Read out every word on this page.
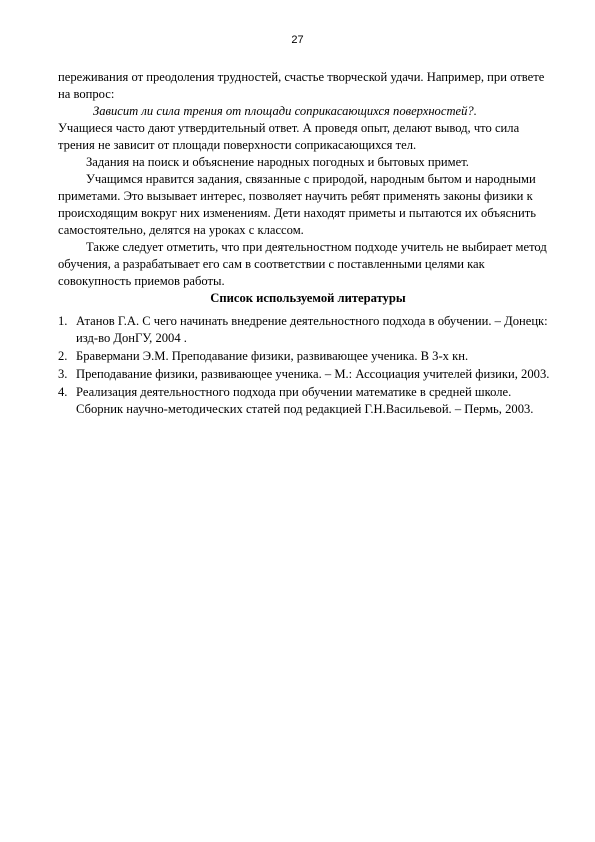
27

переживания от преодоления трудностей, счастье творческой удачи. Например, при ответе на вопрос:

Зависит ли сила трения от площади соприкасающихся поверхностей?.

Учащиеся часто дают утвердительный ответ. А проведя опыт, делают вывод, что сила трения не зависит от площади поверхности соприкасающихся тел.

Задания на поиск и объяснение народных погодных и бытовых примет.

Учащимся нравится задания, связанные с природой, народным бытом и народными приметами. Это вызывает интерес, позволяет научить ребят применять законы физики к происходящим вокруг них изменениям. Дети находят приметы и пытаются их объяснить самостоятельно, делятся на уроках с классом.

Также следует отметить, что при деятельностном подходе учитель не выбирает метод обучения, а разрабатывает его сам в соответствии с поставленными целями как совокупность приемов работы.

Список используемой литературы

1. Атанов Г.А. С чего начинать внедрение деятельностного подхода в обучении. – Донецк: изд-во ДонГУ, 2004 .
2. Бравермани Э.М. Преподавание физики, развивающее ученика. В 3-х кн.
3. Преподавание физики, развивающее ученика. – М.: Ассоциация учителей физики, 2003.
4. Реализация деятельностного подхода при обучении математике в средней школе. Сборник научно-методических статей под редакцией Г.Н.Васильевой. – Пермь, 2003.
